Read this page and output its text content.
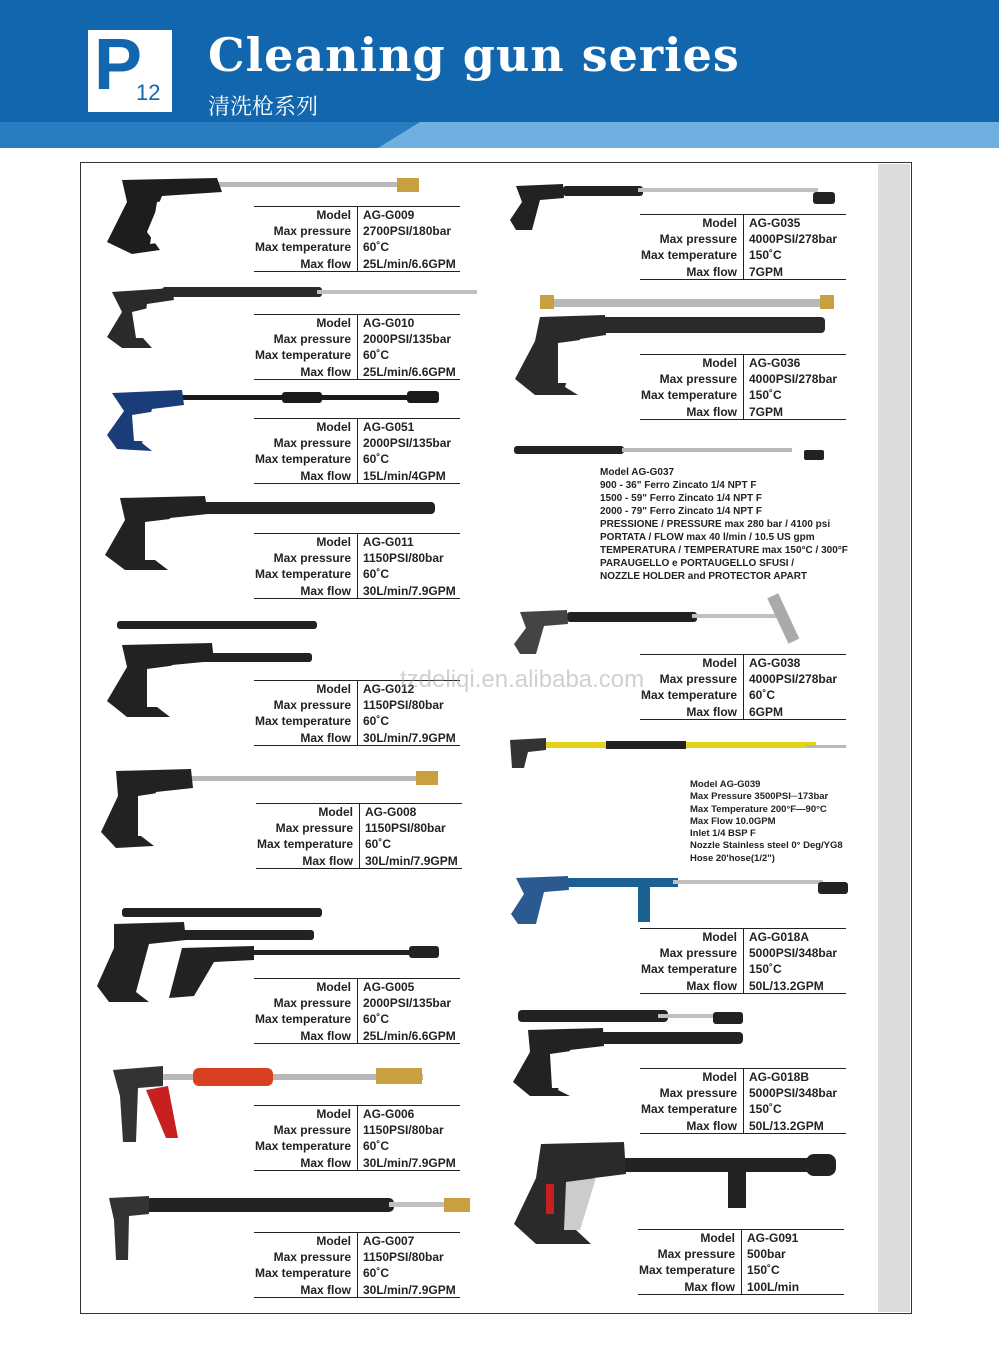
P
12
Cleaning gun series
清洗枪系列
Model	AG-G009
Max pressure	2700PSI/180bar
Max temperature	60˚C
Max flow	25L/min/6.6GPM
Model	AG-G010
Max pressure	2000PSI/135bar
Max temperature	60˚C
Max flow	25L/min/6.6GPM
Model	AG-G051
Max pressure	2000PSI/135bar
Max temperature	60˚C
Max flow	15L/min/4GPM
Model	AG-G011
Max pressure	1150PSI/80bar
Max temperature	60˚C
Max flow	30L/min/7.9GPM
Model	AG-G012
Max pressure	1150PSI/80bar
Max temperature	60˚C
Max flow	30L/min/7.9GPM
Model	AG-G008
Max pressure	1150PSI/80bar
Max temperature	60˚C
Max flow	30L/min/7.9GPM
Model	AG-G005
Max pressure	2000PSI/135bar
Max temperature	60˚C
Max flow	25L/min/6.6GPM
Model	AG-G006
Max pressure	1150PSI/80bar
Max temperature	60˚C
Max flow	30L/min/7.9GPM
Model	AG-G007
Max pressure	1150PSI/80bar
Max temperature	60˚C
Max flow	30L/min/7.9GPM
Model	AG-G035
Max pressure	4000PSI/278bar
Max temperature	150˚C
Max flow	7GPM
Model	AG-G036
Max pressure	4000PSI/278bar
Max temperature	150˚C
Max flow	7GPM
Model AG-G037
900 - 36" Ferro Zincato 1/4 NPT F
1500 - 59" Ferro Zincato 1/4 NPT F
2000 - 79" Ferro Zincato 1/4 NPT F
PRESSIONE / PRESSURE max 280 bar / 4100 psi
PORTATA / FLOW max 40 l/min / 10.5 US gpm
TEMPERATURA / TEMPERATURE max 150°C / 300°F
PARAUGELLO e PORTAUGELLO SFUSI /
NOZZLE HOLDER and PROTECTOR APART
Model	AG-G038
Max pressure	4000PSI/278bar
Max temperature	60˚C
Max flow	6GPM
tzdeliqi.en.alibaba.com
Model AG-G039
Max Pressure 3500PSI─173bar
Max Temperature 200°F—90°C
Max Flow 10.0GPM
Inlet 1/4 BSP F
Nozzle Stainless steel 0° Deg/YG8
Hose 20'hose(1/2")
Model	AG-G018A
Max pressure	5000PSI/348bar
Max temperature	150˚C
Max flow	50L/13.2GPM
Model	AG-G018B
Max pressure	5000PSI/348bar
Max temperature	150˚C
Max flow	50L/13.2GPM
Model	AG-G091
Max pressure	500bar
Max temperature	150˚C
Max flow	100L/min
